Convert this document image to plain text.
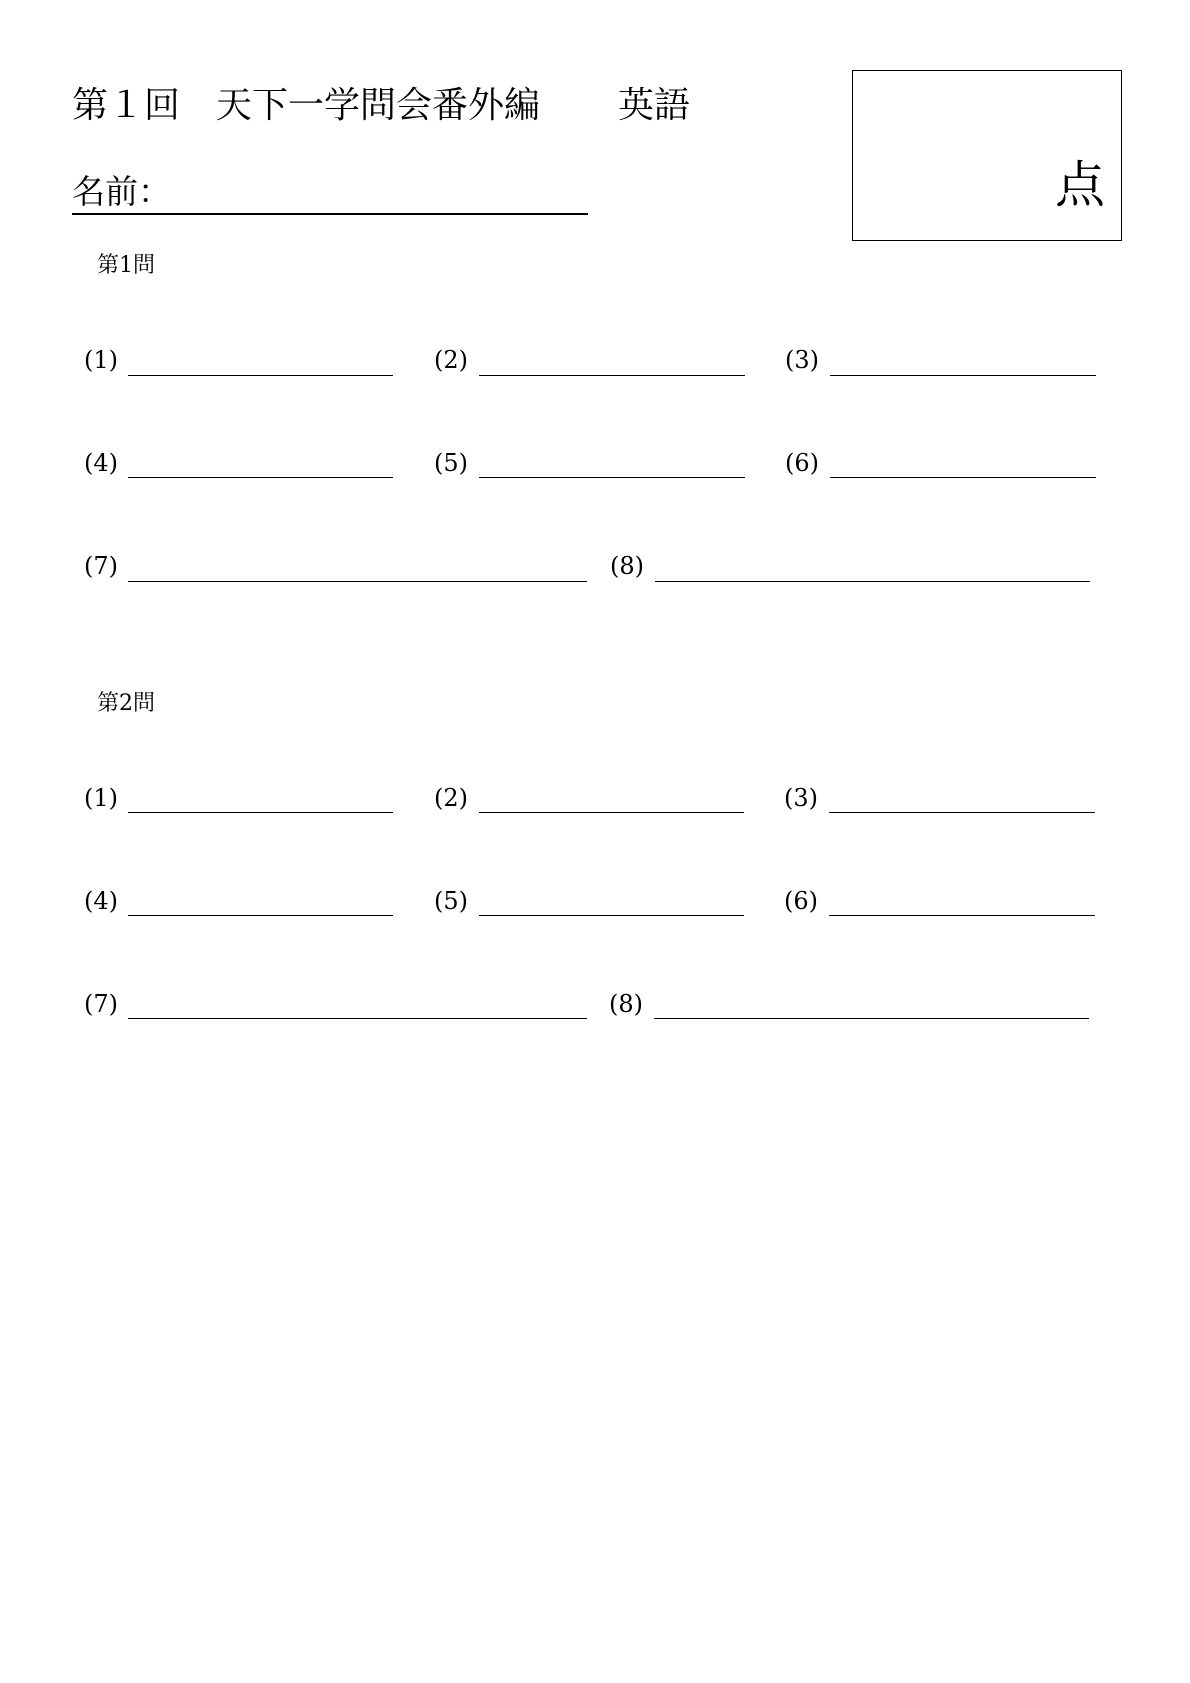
第１回　天下一学問会番外編 英語
名前：	点
第1問
(1)	(2)	(3)
(4)	(5)	(6)
(7)	(8)
第2問
(1)	(2)	(3)
(4)	(5)	(6)
(7)	(8)
